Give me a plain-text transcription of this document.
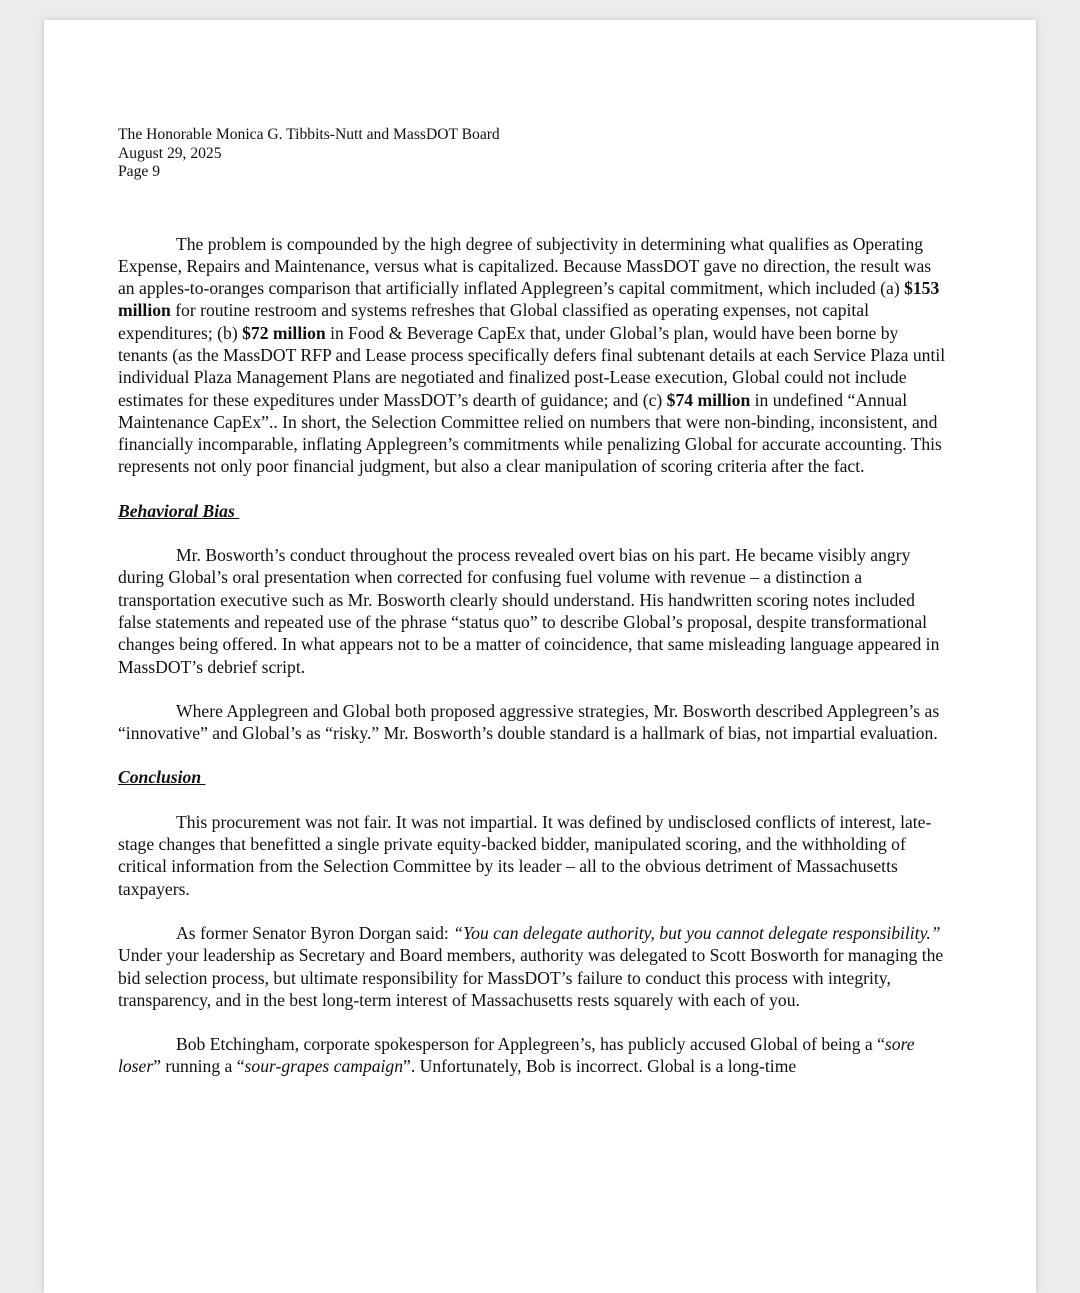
The Honorable Monica G. Tibbits-Nutt and MassDOT Board
August 29, 2025
Page 9

The problem is compounded by the high degree of subjectivity in determining what qualifies as Operating Expense, Repairs and Maintenance, versus what is capitalized. Because MassDOT gave no direction, the result was an apples-to-oranges comparison that artificially inflated Applegreen’s capital commitment, which included (a) $153 million for routine restroom and systems refreshes that Global classified as operating expenses, not capital expenditures; (b) $72 million in Food & Beverage CapEx that, under Global’s plan, would have been borne by tenants (as the MassDOT RFP and Lease process specifically defers final subtenant details at each Service Plaza until individual Plaza Management Plans are negotiated and finalized post-Lease execution, Global could not include estimates for these expeditures under MassDOT’s dearth of guidance; and (c) $74 million in undefined “Annual Maintenance CapEx”.. In short, the Selection Committee relied on numbers that were non-binding, inconsistent, and financially incomparable, inflating Applegreen’s commitments while penalizing Global for accurate accounting. This represents not only poor financial judgment, but also a clear manipulation of scoring criteria after the fact.

Behavioral Bias

Mr. Bosworth’s conduct throughout the process revealed overt bias on his part. He became visibly angry during Global’s oral presentation when corrected for confusing fuel volume with revenue – a distinction a transportation executive such as Mr. Bosworth clearly should understand. His handwritten scoring notes included false statements and repeated use of the phrase “status quo” to describe Global’s proposal, despite transformational changes being offered. In what appears not to be a matter of coincidence, that same misleading language appeared in MassDOT’s debrief script.

Where Applegreen and Global both proposed aggressive strategies, Mr. Bosworth described Applegreen’s as “innovative” and Global’s as “risky.” Mr. Bosworth’s double standard is a hallmark of bias, not impartial evaluation.

Conclusion

This procurement was not fair. It was not impartial. It was defined by undisclosed conflicts of interest, late-stage changes that benefitted a single private equity-backed bidder, manipulated scoring, and the withholding of critical information from the Selection Committee by its leader – all to the obvious detriment of Massachusetts taxpayers.

As former Senator Byron Dorgan said: “You can delegate authority, but you cannot delegate responsibility.” Under your leadership as Secretary and Board members, authority was delegated to Scott Bosworth for managing the bid selection process, but ultimate responsibility for MassDOT’s failure to conduct this process with integrity, transparency, and in the best long-term interest of Massachusetts rests squarely with each of you.

Bob Etchingham, corporate spokesperson for Applegreen’s, has publicly accused Global of being a “sore loser” running a “sour-grapes campaign”. Unfortunately, Bob is incorrect. Global is a long-time
